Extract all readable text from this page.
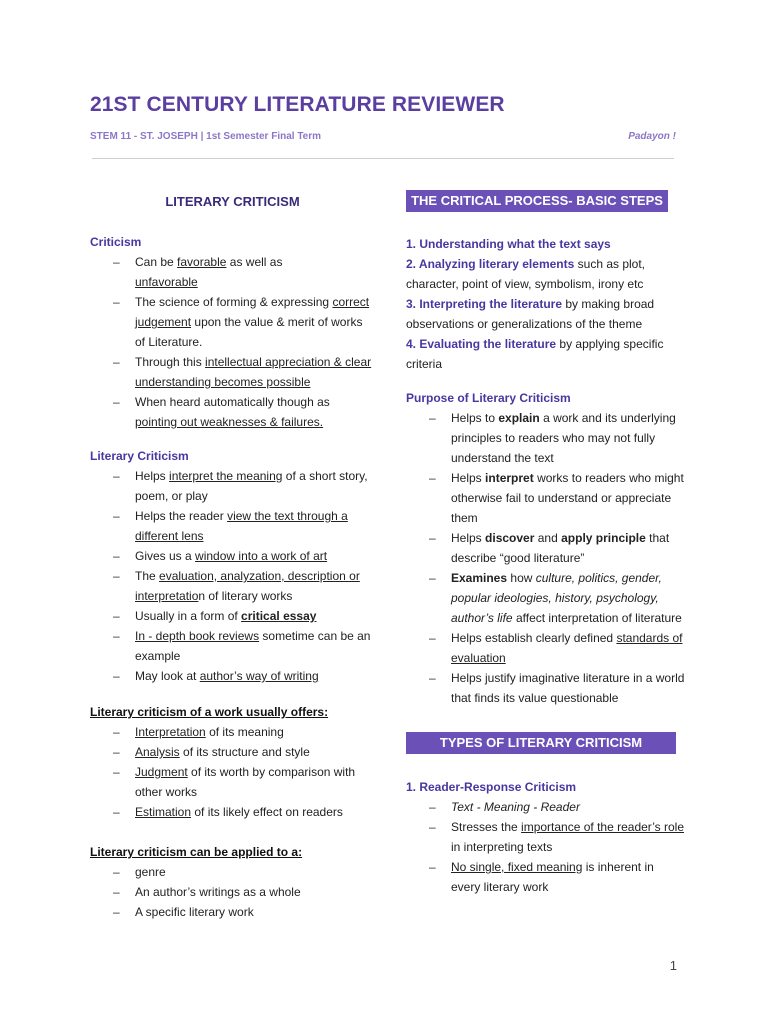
21ST CENTURY LITERATURE REVIEWER
STEM 11 - ST. JOSEPH | 1st Semester Final Term	Padayon !
LITERARY CRITICISM
Criticism
– Can be favorable as well as
unfavorable
– The science of forming & expressing correct judgement upon the value & merit of works of Literature.
– Through this intellectual appreciation & clear understanding becomes possible
– When heard automatically though as pointing out weaknesses & failures.
Literary Criticism
– Helps interpret the meaning of a short story, poem, or play
– Helps the reader view the text through a different lens
– Gives us a window into a work of art
– The evaluation, analyzation, description or interpretation of literary works
– Usually in a form of critical essay
– In - depth book reviews sometime can be an example
– May look at author’s way of writing
Literary criticism of a work usually offers:
– Interpretation of its meaning
– Analysis of its structure and style
– Judgment of its worth by comparison with other works
– Estimation of its likely effect on readers
Literary criticism can be applied to a:
– genre
– An author’s writings as a whole
– A specific literary work
THE CRITICAL PROCESS- BASIC STEPS
1. Understanding what the text says
2. Analyzing literary elements such as plot, character, point of view, symbolism, irony etc
3. Interpreting the literature by making broad observations or generalizations of the theme
4. Evaluating the literature by applying specific criteria
Purpose of Literary Criticism
– Helps to explain a work and its underlying principles to readers who may not fully understand the text
– Helps interpret works to readers who might otherwise fail to understand or appreciate them
– Helps discover and apply principle that describe “good literature”
– Examines how culture, politics, gender, popular ideologies, history, psychology, author’s life affect interpretation of literature
– Helps establish clearly defined standards of evaluation
– Helps justify imaginative literature in a world that finds its value questionable
TYPES OF LITERARY CRITICISM
1. Reader-Response Criticism
– Text - Meaning - Reader
– Stresses the importance of the reader’s role in interpreting texts
– No single, fixed meaning is inherent in every literary work
1
